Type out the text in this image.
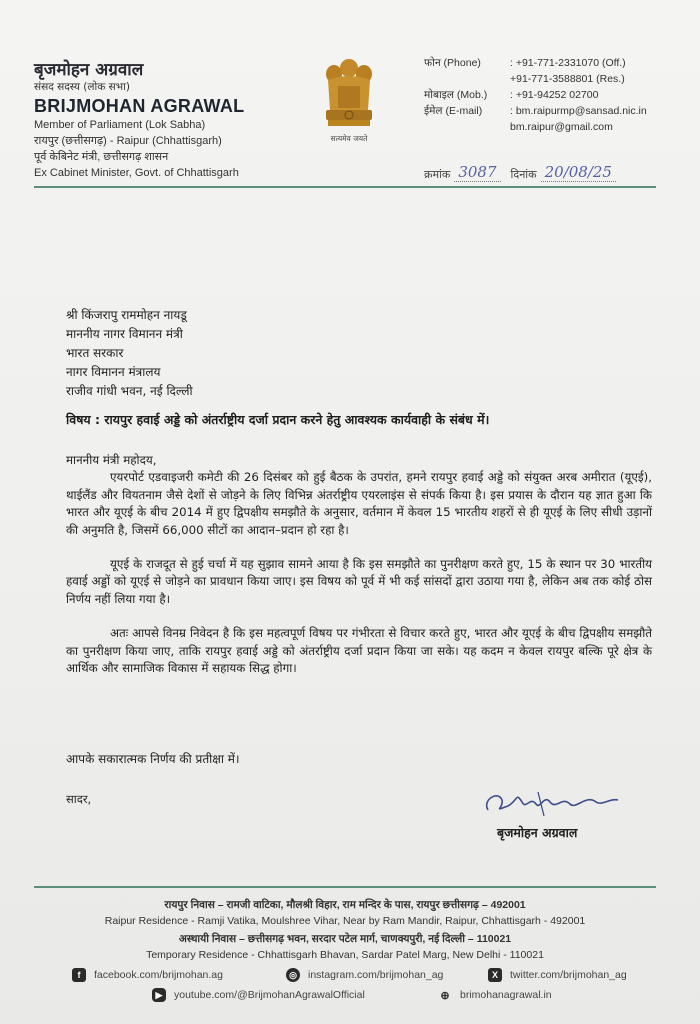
बृजमोहन अग्रवाल
संसद सदस्य (लोक सभा)
BRIJMOHAN AGRAWAL
Member of Parliament (Lok Sabha)
रायपुर (छत्तीसगढ़) - Raipur (Chhattisgarh)
पूर्व केबिनेट मंत्री, छत्तीसगढ़ शासन
Ex Cabinet Minister, Govt. of Chhattisgarh
सत्यमेव जयते
फोन (Phone)	: +91-771-2331070 (Off.)
+91-771-3588801 (Res.)
मोबाइल (Mob.)	: +91-94252 02700
ईमेल (E-mail)	: bm.raipurmp@sansad.nic.in
bm.raipur@gmail.com
क्रमांक 3087	दिनांक 20/08/25
श्री किंजरापु राममोहन नायडू
माननीय नागर विमानन मंत्री
भारत सरकार
नागर विमानन मंत्रालय
राजीव गांधी भवन, नई दिल्ली
विषय : रायपुर हवाई अड्डे को अंतर्राष्ट्रीय दर्जा प्रदान करने हेतु आवश्यक कार्यवाही के संबंध में।

माननीय मंत्री महोदय,

एयरपोर्ट एडवाइजरी कमेटी की 26 दिसंबर को हुई बैठक के उपरांत, हमने रायपुर हवाई अड्डे को संयुक्त अरब अमीरात (यूएई), थाईलैंड और वियतनाम जैसे देशों से जोड़ने के लिए विभिन्न अंतर्राष्ट्रीय एयरलाइंस से संपर्क किया है। इस प्रयास के दौरान यह ज्ञात हुआ कि भारत और यूएई के बीच 2014 में हुए द्विपक्षीय समझौते के अनुसार, वर्तमान में केवल 15 भारतीय शहरों से ही यूएई के लिए सीधी उड़ानों की अनुमति है, जिसमें 66,000 सीटों का आदान–प्रदान हो रहा है।

यूएई के राजदूत से हुई चर्चा में यह सुझाव सामने आया है कि इस समझौते का पुनरीक्षण करते हुए, 15 के स्थान पर 30 भारतीय हवाई अड्डों को यूएई से जोड़ने का प्रावधान किया जाए। इस विषय को पूर्व में भी कई सांसदों द्वारा उठाया गया है, लेकिन अब तक कोई ठोस निर्णय नहीं लिया गया है।

अतः आपसे विनम्र निवेदन है कि इस महत्वपूर्ण विषय पर गंभीरता से विचार करते हुए, भारत और यूएई के बीच द्विपक्षीय समझौते का पुनरीक्षण किया जाए, ताकि रायपुर हवाई अड्डे को अंतर्राष्ट्रीय दर्जा प्रदान किया जा सके। यह कदम न केवल रायपुर बल्कि पूरे क्षेत्र के आर्थिक और सामाजिक विकास में सहायक सिद्ध होगा।

आपके सकारात्मक निर्णय की प्रतीक्षा में।
सादर,
बृजमोहन अग्रवाल
रायपुर निवास – रामजी वाटिका, मौलश्री विहार, राम मन्दिर के पास, रायपुर छत्तीसगढ़ – 492001
Raipur Residence - Ramji Vatika, Moulshree Vihar, Near by Ram Mandir, Raipur, Chhattisgarh - 492001
अस्थायी निवास – छत्तीसगढ़ भवन, सरदार पटेल मार्ग, चाणक्यपुरी, नई दिल्ली – 110021
Temporary Residence - Chhattisgarh Bhavan, Sardar Patel Marg, New Delhi - 110021
f	facebook.com/brijmohan.ag	◎ instagram.com/brijmohan_ag	X	twitter.com/brijmohan_ag
▶	youtube.com/@BrijmohanAgrawalOfficial	⊕ brimohanagrawal.in
